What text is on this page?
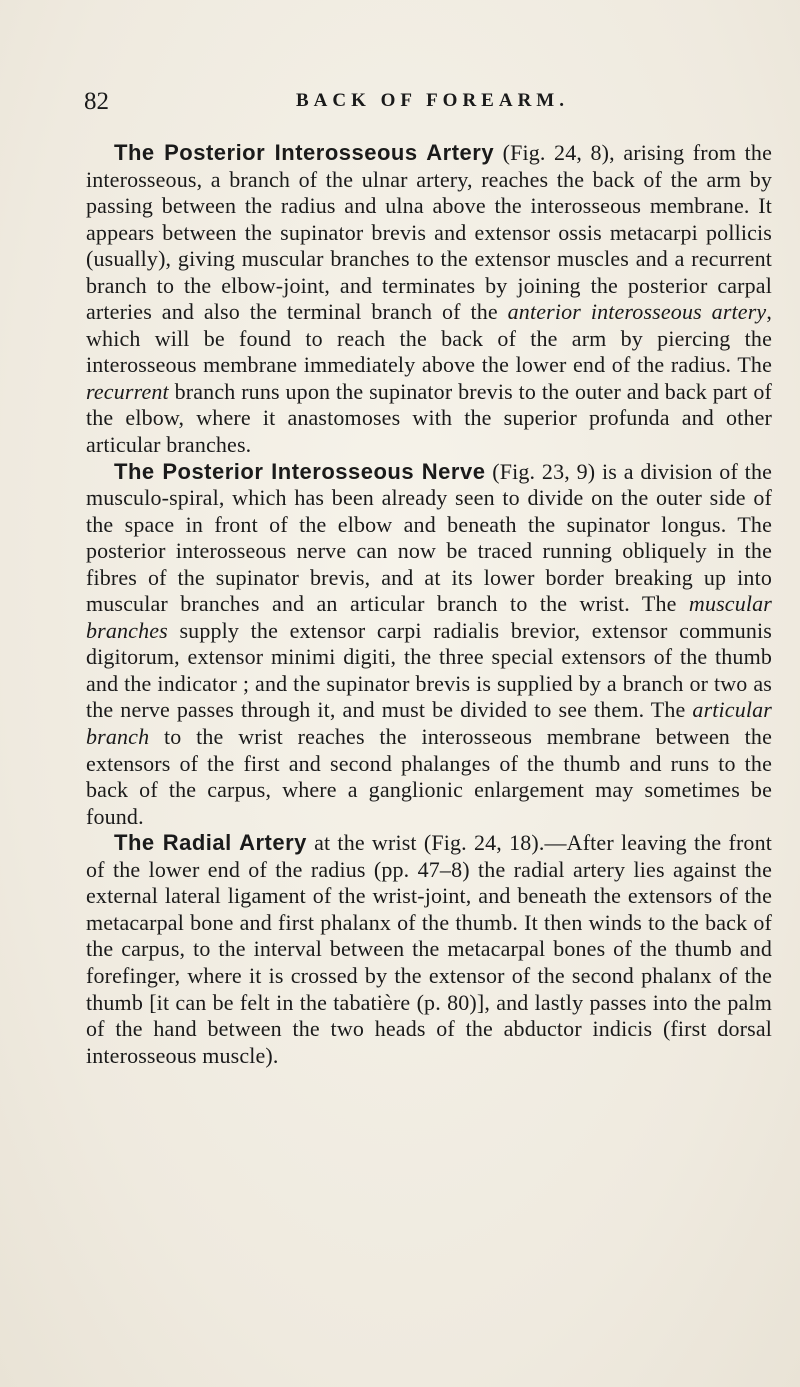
82	BACK OF FOREARM.

The Posterior Interosseous Artery (Fig. 24, 8), arising from the interosseous, a branch of the ulnar artery, reaches the back of the arm by passing between the radius and ulna above the interosseous membrane. It appears between the supinator brevis and extensor ossis metacarpi pollicis (usually), giving muscular branches to the extensor muscles and a recurrent branch to the elbow-joint, and terminates by joining the posterior carpal arteries and also the terminal branch of the anterior interosseous artery, which will be found to reach the back of the arm by piercing the interosseous membrane immediately above the lower end of the radius. The recurrent branch runs upon the supinator brevis to the outer and back part of the elbow, where it anastomoses with the superior profunda and other articular branches.

The Posterior Interosseous Nerve (Fig. 23, 9) is a division of the musculo-spiral, which has been already seen to divide on the outer side of the space in front of the elbow and beneath the supinator longus. The posterior interosseous nerve can now be traced running obliquely in the fibres of the supinator brevis, and at its lower border breaking up into muscular branches and an articular branch to the wrist. The muscular branches supply the extensor carpi radialis brevior, extensor communis digitorum, extensor minimi digiti, the three special extensors of the thumb and the indicator ; and the supinator brevis is supplied by a branch or two as the nerve passes through it, and must be divided to see them. The articular branch to the wrist reaches the interosseous membrane between the extensors of the first and second phalanges of the thumb and runs to the back of the carpus, where a ganglionic enlargement may sometimes be found.

The Radial Artery at the wrist (Fig. 24, 18).—After leaving the front of the lower end of the radius (pp. 47–8) the radial artery lies against the external lateral ligament of the wrist-joint, and beneath the extensors of the metacarpal bone and first phalanx of the thumb. It then winds to the back of the carpus, to the interval between the metacarpal bones of the thumb and forefinger, where it is crossed by the extensor of the second phalanx of the thumb [it can be felt in the tabatière (p. 80)], and lastly passes into the palm of the hand between the two heads of the abductor indicis (first dorsal interosseous muscle).
